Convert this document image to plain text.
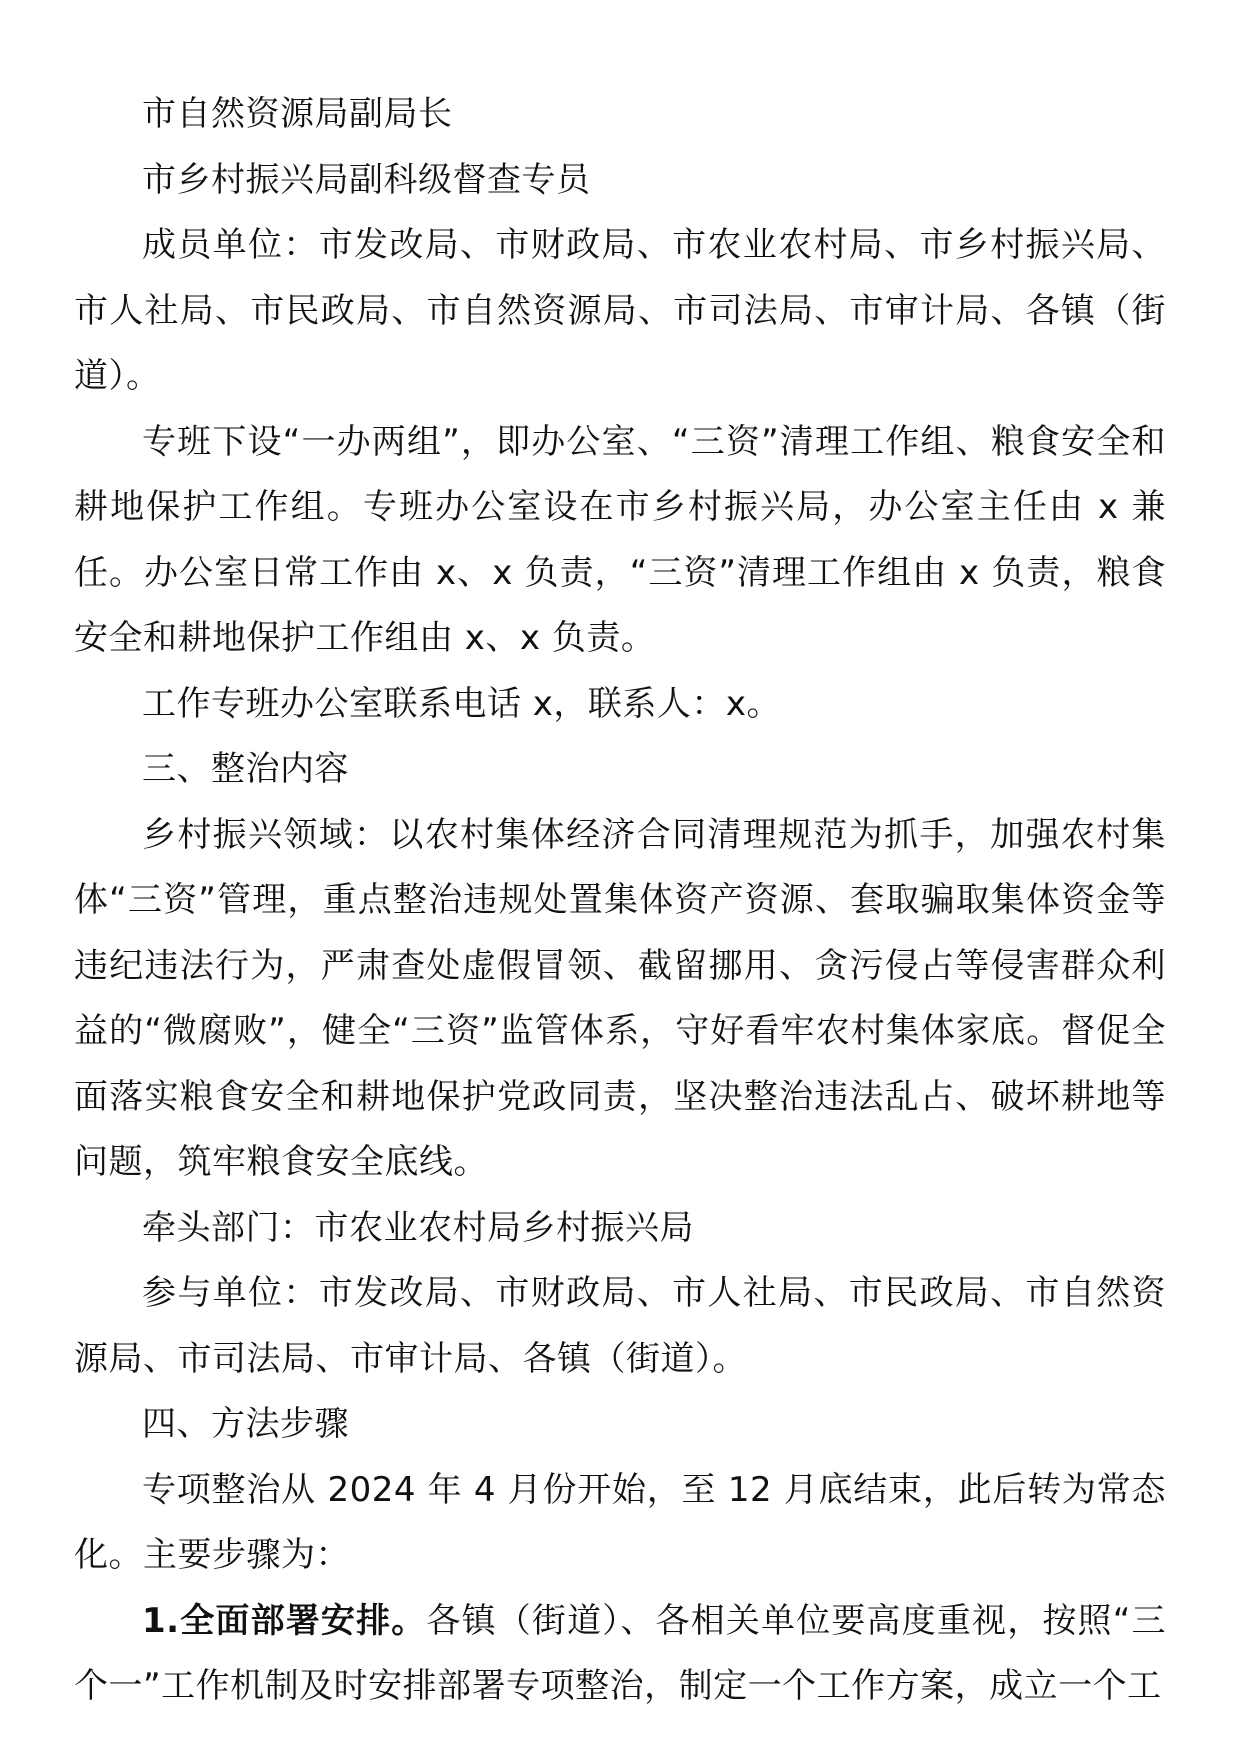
市自然资源局副局长

市乡村振兴局副科级督查专员

成员单位：市发改局、市财政局、市农业农村局、市乡村振兴局、市人社局、市民政局、市自然资源局、市司法局、市审计局、各镇（街道）。

专班下设“一办两组”，即办公室、“三资”清理工作组、粮食安全和耕地保护工作组。专班办公室设在市乡村振兴局，办公室主任由 x 兼任。办公室日常工作由 x、x 负责，“三资”清理工作组由 x 负责，粮食安全和耕地保护工作组由 x、x 负责。

工作专班办公室联系电话 x，联系人：x。

三、整治内容

乡村振兴领域：以农村集体经济合同清理规范为抓手，加强农村集体“三资”管理，重点整治违规处置集体资产资源、套取骗取集体资金等违纪违法行为，严肃查处虚假冒领、截留挪用、贪污侵占等侵害群众利益的“微腐败”，健全“三资”监管体系，守好看牢农村集体家底。督促全面落实粮食安全和耕地保护党政同责，坚决整治违法乱占、破坏耕地等问题，筑牢粮食安全底线。

牵头部门：市农业农村局乡村振兴局

参与单位：市发改局、市财政局、市人社局、市民政局、市自然资源局、市司法局、市审计局、各镇（街道）。

四、方法步骤

专项整治从 2024 年 4 月份开始，至 12 月底结束，此后转为常态化。主要步骤为：

1.全面部署安排。各镇（街道）、各相关单位要高度重视，按照“三个一”工作机制及时安排部署专项整治，制定一个工作方案，成立一个工
